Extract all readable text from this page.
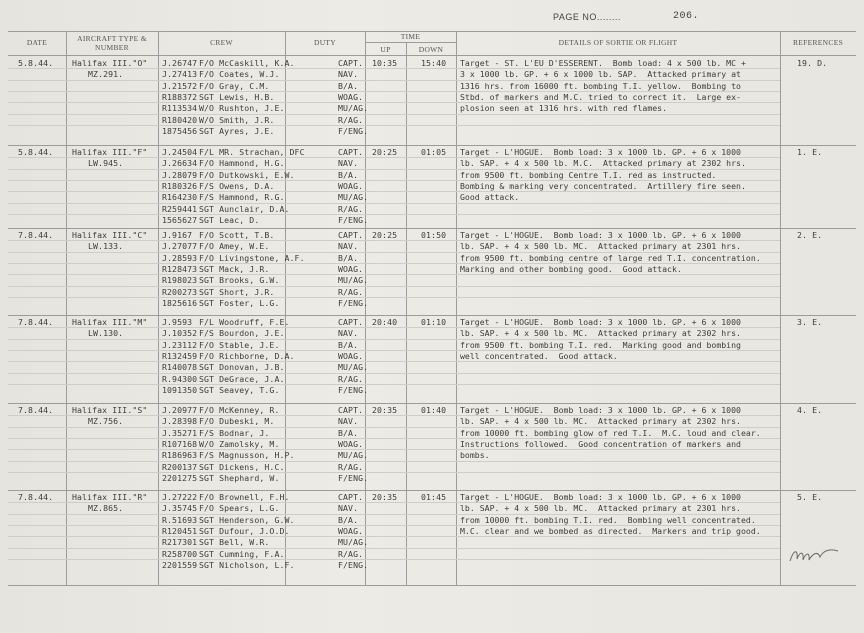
PAGE NO........	206.
DATE	AIRCRAFT TYPE & NUMBER
CREW	DUTY
TIME
UP	DOWN
DETAILS OF SORTIE OR FLIGHT	REFERENCES
5.8.44. Halifax III."O"
MZ.291.
J.26747 F/O McCaskill, K.A.	CAPT.
J.27413 F/O Coates, W.J.	NAV.
J.21572 F/O Gray, C.M.	B/A.
R188372 SGT Lewis, H.B.	WOAG.
R113534 W/O Rushton, J.E.	MU/AG.
R180420 W/O Smith, J.R.	R/AG.
1875456 SGT Ayres, J.E.	F/ENG.
10:35	15:40 Target - ST. L'EU D'ESSERENT.  Bomb load: 4 x 500 lb. MC +
3 x 1000 lb. GP. + 6 x 1000 lb. SAP.  Attacked primary at
1316 hrs. from 16000 ft. bombing T.I. yellow.  Bombing to
Stbd. of markers and M.C. tried to correct it.  Large ex-
plosion seen at 1316 hrs. with red flames.
19. D.
5.8.44. Halifax III."F"
LW.945.
J.24504 F/L MR. Strachan, DFC	CAPT.
J.26634 F/O Hammond, H.G.	NAV.
J.28079 F/O Dutkowski, E.W.	B/A.
R180326 F/S Owens, D.A.	WOAG.
R164230 F/S Hammond, R.G.	MU/AG.
R259441 SGT Aunclair, D.A.	R/AG.
1565627 SGT Leac, D.	F/ENG.
20:25	01:05 Target - L'HOGUE.  Bomb load: 3 x 1000 lb. GP. + 6 x 1000
lb. SAP. + 4 x 500 lb. M.C.  Attacked primary at 2302 hrs.
from 9500 ft. bombing Centre T.I. red as instructed.
Bombing & marking very concentrated.  Artillery fire seen.
Good attack.
1. E.
7.8.44. Halifax III."C"
LW.133.
J.9167 F/O Scott, T.B.	CAPT.
J.27077 F/O Amey, W.E.	NAV.
J.28593 F/O Livingstone, A.F.	B/A.
R128473 SGT Mack, J.R.	WOAG.
R198023 SGT Brooks, G.W.	MU/AG.
R200273 SGT Short, J.R.	R/AG.
1825616 SGT Foster, L.G.	F/ENG.
20:25	01:50 Target - L'HOGUE.  Bomb load: 3 x 1000 lb. GP. + 6 x 1000
lb. SAP. + 4 x 500 lb. MC.  Attacked primary at 2301 hrs.
from 9500 ft. bombing centre of large red T.I. concentration.
Marking and other bombing good.  Good attack.
2. E.
7.8.44. Halifax III."M"
LW.130.
J.9593 F/L Woodruff, F.E.	CAPT.
J.10352 F/S Bourdon, J.E.	NAV.
J.23112 F/O Stable, J.E.	B/A.
R132459 F/O Richborne, D.A.	WOAG.
R140078 SGT Donovan, J.B.	MU/AG.
R.94300 SGT DeGrace, J.A.	R/AG.
1091350 SGT Seavey, T.G.	F/ENG.
20:40	01:10 Target - L'HOGUE.  Bomb load: 3 x 1000 lb. GP. + 6 x 1000
lb. SAP. + 4 x 500 lb. MC.  Attacked primary at 2302 hrs.
from 9500 ft. bombing T.I. red.  Marking good and bombing
well concentrated.  Good attack.
3. E.
7.8.44. Halifax III."S"
MZ.756.
J.20977 F/O McKenney, R.	CAPT.
J.28398 F/O Dubeski, M.	NAV.
J.35271 F/S Bodnar, J.	B/A.
R107168 W/O Zamolsky, M.	WOAG.
R186963 F/S Magnusson, H.P.	MU/AG.
R200137 SGT Dickens, H.C.	R/AG.
2201275 SGT Shephard, W.	F/ENG.
20:35	01:40 Target - L'HOGUE.  Bomb load: 3 x 1000 lb. GP. + 6 x 1000
lb. SAP. + 4 x 500 lb. MC.  Attacked primary at 2302 hrs.
from 10000 ft. bombing glow of red T.I.  M.C. loud and clear.
Instructions followed.  Good concentration of markers and
bombs.
4. E.
7.8.44. Halifax III."R"
MZ.865.
J.27222 F/O Brownell, F.H.	CAPT.
J.35745 F/O Spears, L.G.	NAV.
R.51693 SGT Henderson, G.W.	B/A.
R120451 SGT Dufour, J.O.D.	WOAG.
R217301 SGT Bell, W.R.	MU/AG.
R258700 SGT Cumming, F.A.	R/AG.
2201559 SGT Nicholson, L.F.	F/ENG.
20:35	01:45 Target - L'HOGUE.  Bomb load: 3 x 1000 lb. GP. + 6 x 1000
lb. SAP. + 4 x 500 lb. MC.  Attacked primary at 2301 hrs.
from 10000 ft. bombing T.I. red.  Bombing well concentrated.
M.C. clear and we bombed as directed.  Markers and trip good.
5. E.
